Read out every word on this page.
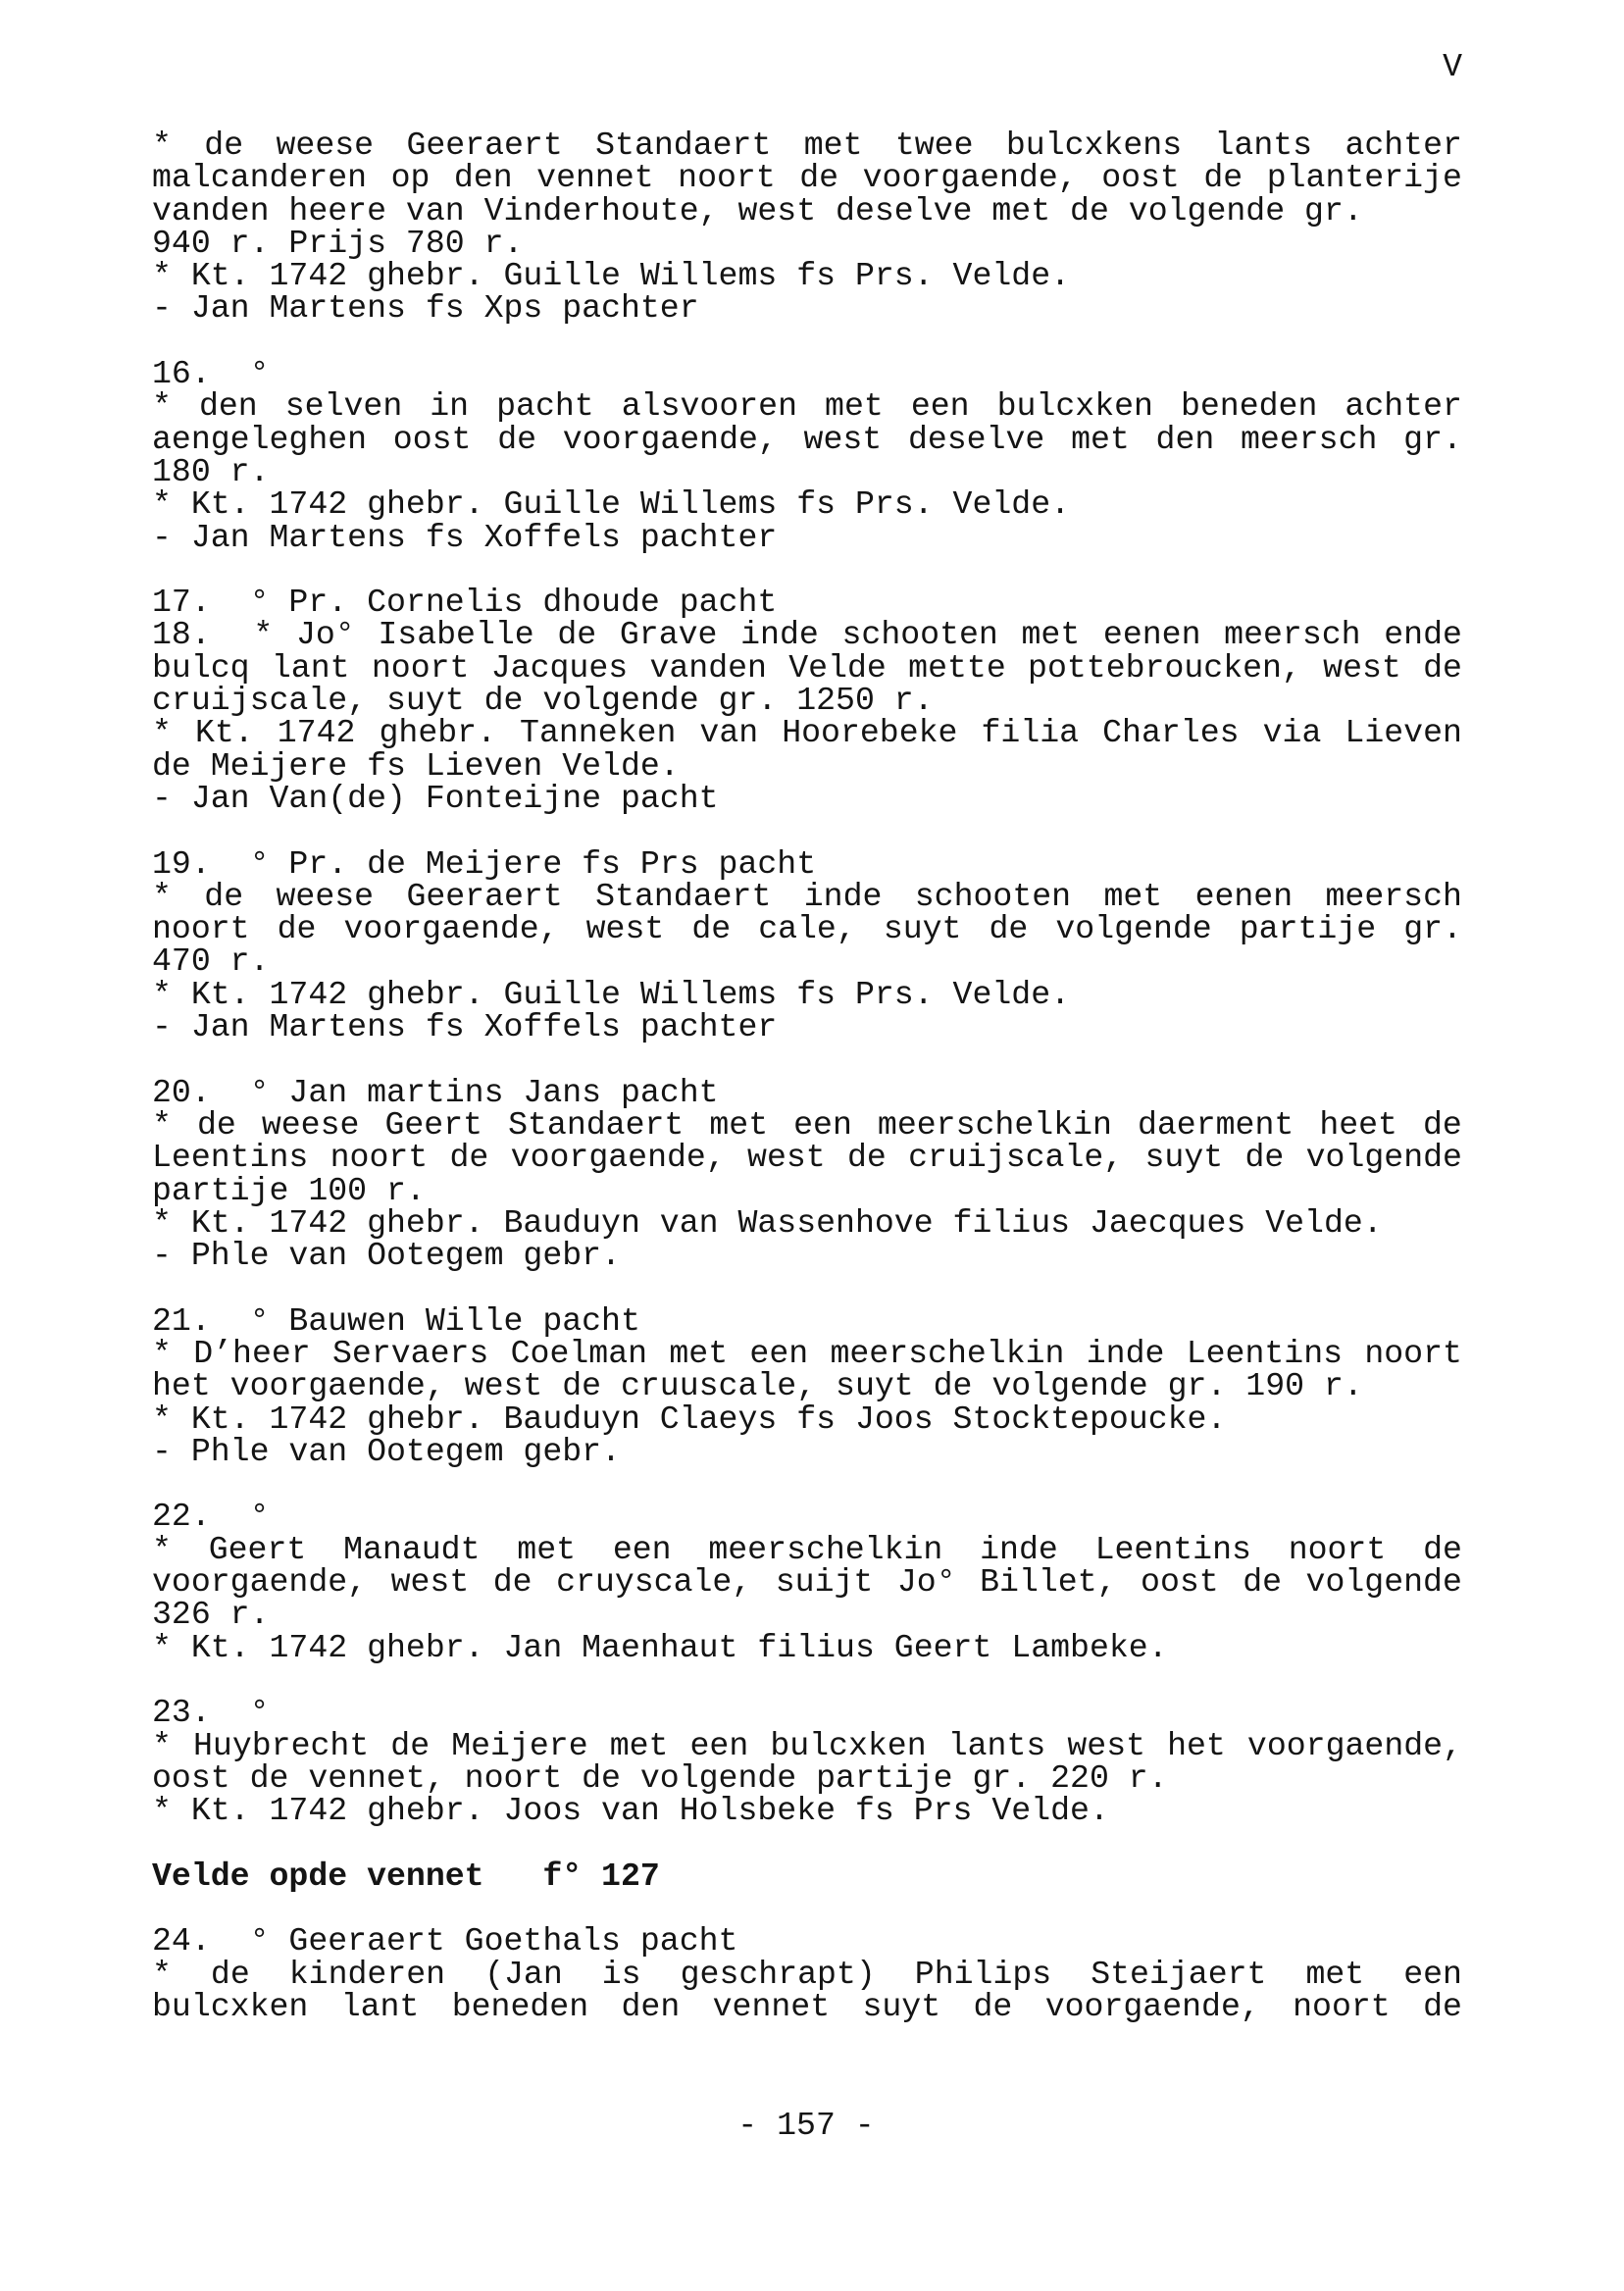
V
* de weese Geeraert Standaert met twee bulcxkens lants achter
malcanderen op den vennet noort de voorgaende, oost de planterije
vanden heere van Vinderhoute, west deselve met de volgende gr.
940 r. Prijs 780 r.
* Kt. 1742 ghebr. Guille Willems fs Prs. Velde.
- Jan Martens fs Xps pachter
16.  °
* den selven in pacht alsvooren met een bulcxken beneden achter
aengeleghen oost de voorgaende, west deselve met den meersch gr.
180 r.
* Kt. 1742 ghebr. Guille Willems fs Prs. Velde.
- Jan Martens fs Xoffels pachter
17.  ° Pr. Cornelis dhoude pacht
18. * Jo° Isabelle de Grave inde schooten met eenen meersch ende
bulcq lant noort Jacques vanden Velde mette pottebroucken, west de
cruijscale, suyt de volgende gr. 1250 r.
* Kt. 1742 ghebr. Tanneken van Hoorebeke filia Charles via Lieven
de Meijere fs Lieven Velde.
- Jan Van(de) Fonteijne pacht
19.  ° Pr. de Meijere fs Prs pacht
* de weese Geeraert Standaert inde schooten met eenen meersch
noort de voorgaende, west de cale, suyt de volgende partije gr.
470 r.
* Kt. 1742 ghebr. Guille Willems fs Prs. Velde.
- Jan Martens fs Xoffels pachter
20.  ° Jan martins Jans pacht
* de weese Geert Standaert met een meerschelkin daerment heet de
Leentins noort de voorgaende, west de cruijscale, suyt de volgende
partije 100 r.
* Kt. 1742 ghebr. Bauduyn van Wassenhove filius Jaecques Velde.
- Phle van Ootegem gebr.
21.  ° Bauwen Wille pacht
* D’heer Servaers Coelman met een meerschelkin inde Leentins noort
het voorgaende, west de cruuscale, suyt de volgende gr. 190 r.
* Kt. 1742 ghebr. Bauduyn Claeys fs Joos Stocktepoucke.
- Phle van Ootegem gebr.
22.  °
* Geert Manaudt met een meerschelkin inde Leentins noort de
voorgaende, west de cruyscale, suijt Jo° Billet, oost de volgende
326 r.
* Kt. 1742 ghebr. Jan Maenhaut filius Geert Lambeke.
23.  °
* Huybrecht de Meijere met een bulcxken lants west het voorgaende,
oost de vennet, noort de volgende partije gr. 220 r.
* Kt. 1742 ghebr. Joos van Holsbeke fs Prs Velde.
Velde opde vennet   f° 127
24.  ° Geeraert Goethals pacht
* de kinderen (Jan is geschrapt) Philips Steijaert met een
bulcxken lant beneden den vennet suyt de voorgaende, noort de
- 157 -
